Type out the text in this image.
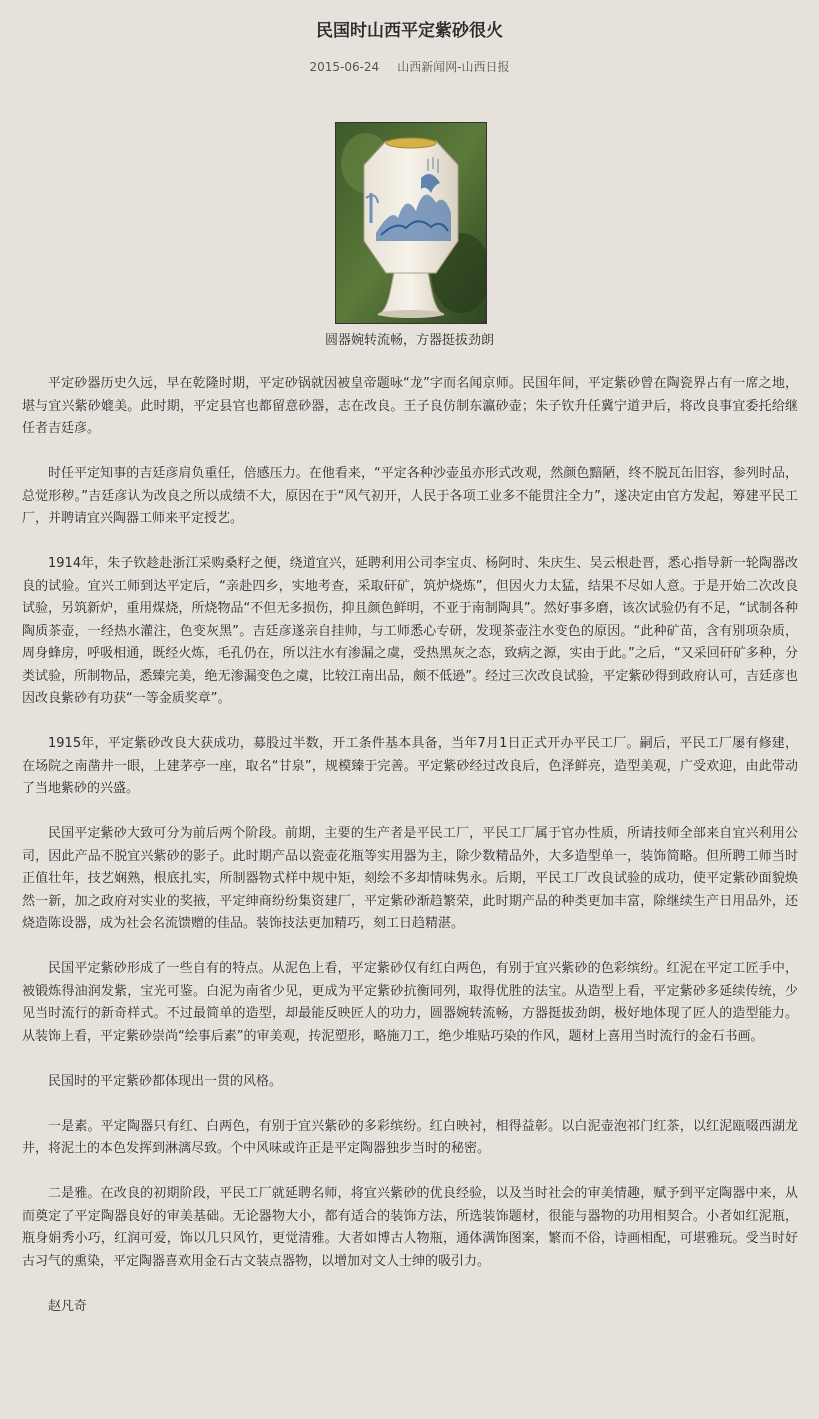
民国时山西平定紫砂很火
2015-06-24 山西新闻网-山西日报
圆器婉转流畅，方器挺拔劲朗

平定砂器历史久远，早在乾隆时期，平定砂锅就因被皇帝题咏“龙”字而名闻京师。民国年间，平定紫砂曾在陶瓷界占有一席之地，堪与宜兴紫砂媲美。此时期，平定县官也都留意砂器，志在改良。王子良仿制东瀛砂壶；朱子钦升任冀宁道尹后，将改良事宜委托给继任者吉廷彦。

时任平定知事的吉廷彦肩负重任，倍感压力。在他看来，“平定各种沙壶虽亦形式改观，然颜色黯陋，终不脱瓦缶旧容，参列时品，总觉形秽。”吉廷彦认为改良之所以成绩不大，原因在于“风气初开，人民于各项工业多不能贯注全力”，遂决定由官方发起，筹建平民工厂，并聘请宜兴陶器工师来平定授艺。

1914年，朱子钦趁赴浙江采购桑籽之便，绕道宜兴，延聘利用公司李宝贞、杨阿时、朱庆生、吴云根赴晋，悉心指导新一轮陶器改良的试验。宜兴工师到达平定后，“亲赴四乡，实地考查，采取矸矿，筑炉烧炼”，但因火力太猛，结果不尽如人意。于是开始二次改良试验，另筑新炉，重用煤烧，所烧物品“不但无多损伤，抑且颜色鲜明，不亚于南制陶具”。然好事多磨，该次试验仍有不足，“试制各种陶质茶壶，一经热水灌注，色变灰黑”。吉廷彦遂亲自挂帅，与工师悉心专研，发现茶壶注水变色的原因。“此种矿苗，含有别项杂质，周身蜂房，呼吸相通，既经火炼，毛孔仍在，所以注水有渗漏之虞，受热黑灰之态，致病之源，实由于此。”之后，“又采回矸矿多种，分类试验，所制物品，悉臻完美，绝无渗漏变色之虞，比较江南出品，颇不低逊”。经过三次改良试验，平定紫砂得到政府认可，吉廷彦也因改良紫砂有功获“一等金质奖章”。

1915年，平定紫砂改良大获成功，募股过半数，开工条件基本具备，当年7月1日正式开办平民工厂。嗣后，平民工厂屡有修建，在场院之南凿井一眼，上建茅亭一座，取名“甘泉”，规模臻于完善。平定紫砂经过改良后，色泽鲜亮，造型美观，广受欢迎，由此带动了当地紫砂的兴盛。

民国平定紫砂大致可分为前后两个阶段。前期，主要的生产者是平民工厂，平民工厂属于官办性质，所请技师全部来自宜兴利用公司，因此产品不脱宜兴紫砂的影子。此时期产品以瓷壶花瓶等实用器为主，除少数精品外，大多造型单一，装饰简略。但所聘工师当时正值壮年，技艺娴熟，根底扎实，所制器物式样中规中矩，刻绘不多却情味隽永。后期，平民工厂改良试验的成功，使平定紫砂面貌焕然一新，加之政府对实业的奖掖，平定绅商纷纷集资建厂，平定紫砂渐趋繁荣，此时期产品的种类更加丰富，除继续生产日用品外，还烧造陈设器，成为社会名流馈赠的佳品。装饰技法更加精巧，刻工日趋精湛。

民国平定紫砂形成了一些自有的特点。从泥色上看，平定紫砂仅有红白两色，有别于宜兴紫砂的色彩缤纷。红泥在平定工匠手中，被锻炼得油润发紫，宝光可鉴。白泥为南省少见，更成为平定紫砂抗衡同列，取得优胜的法宝。从造型上看，平定紫砂多延续传统，少见当时流行的新奇样式。不过最简单的造型，却最能反映匠人的功力，圆器婉转流畅，方器挺拔劲朗，极好地体现了匠人的造型能力。从装饰上看，平定紫砂崇尚“绘事后素”的审美观，抟泥塑形，略施刀工，绝少堆贴巧染的作风，题材上喜用当时流行的金石书画。

民国时的平定紫砂都体现出一贯的风格。

一是素。平定陶器只有红、白两色，有别于宜兴紫砂的多彩缤纷。红白映衬，相得益彰。以白泥壶泡祁门红茶，以红泥瓯啜西湖龙井，将泥土的本色发挥到淋漓尽致。个中风味或许正是平定陶器独步当时的秘密。

二是雅。在改良的初期阶段，平民工厂就延聘名师，将宜兴紫砂的优良经验，以及当时社会的审美情趣，赋予到平定陶器中来，从而奠定了平定陶器良好的审美基础。无论器物大小，都有适合的装饰方法，所选装饰题材，很能与器物的功用相契合。小者如红泥瓶，瓶身娟秀小巧，红润可爱，饰以几只风竹，更觉清雅。大者如博古人物瓶，通体满饰图案，繁而不俗，诗画相配，可堪雅玩。受当时好古习气的熏染，平定陶器喜欢用金石古文装点器物，以增加对文人士绅的吸引力。

赵凡奇
